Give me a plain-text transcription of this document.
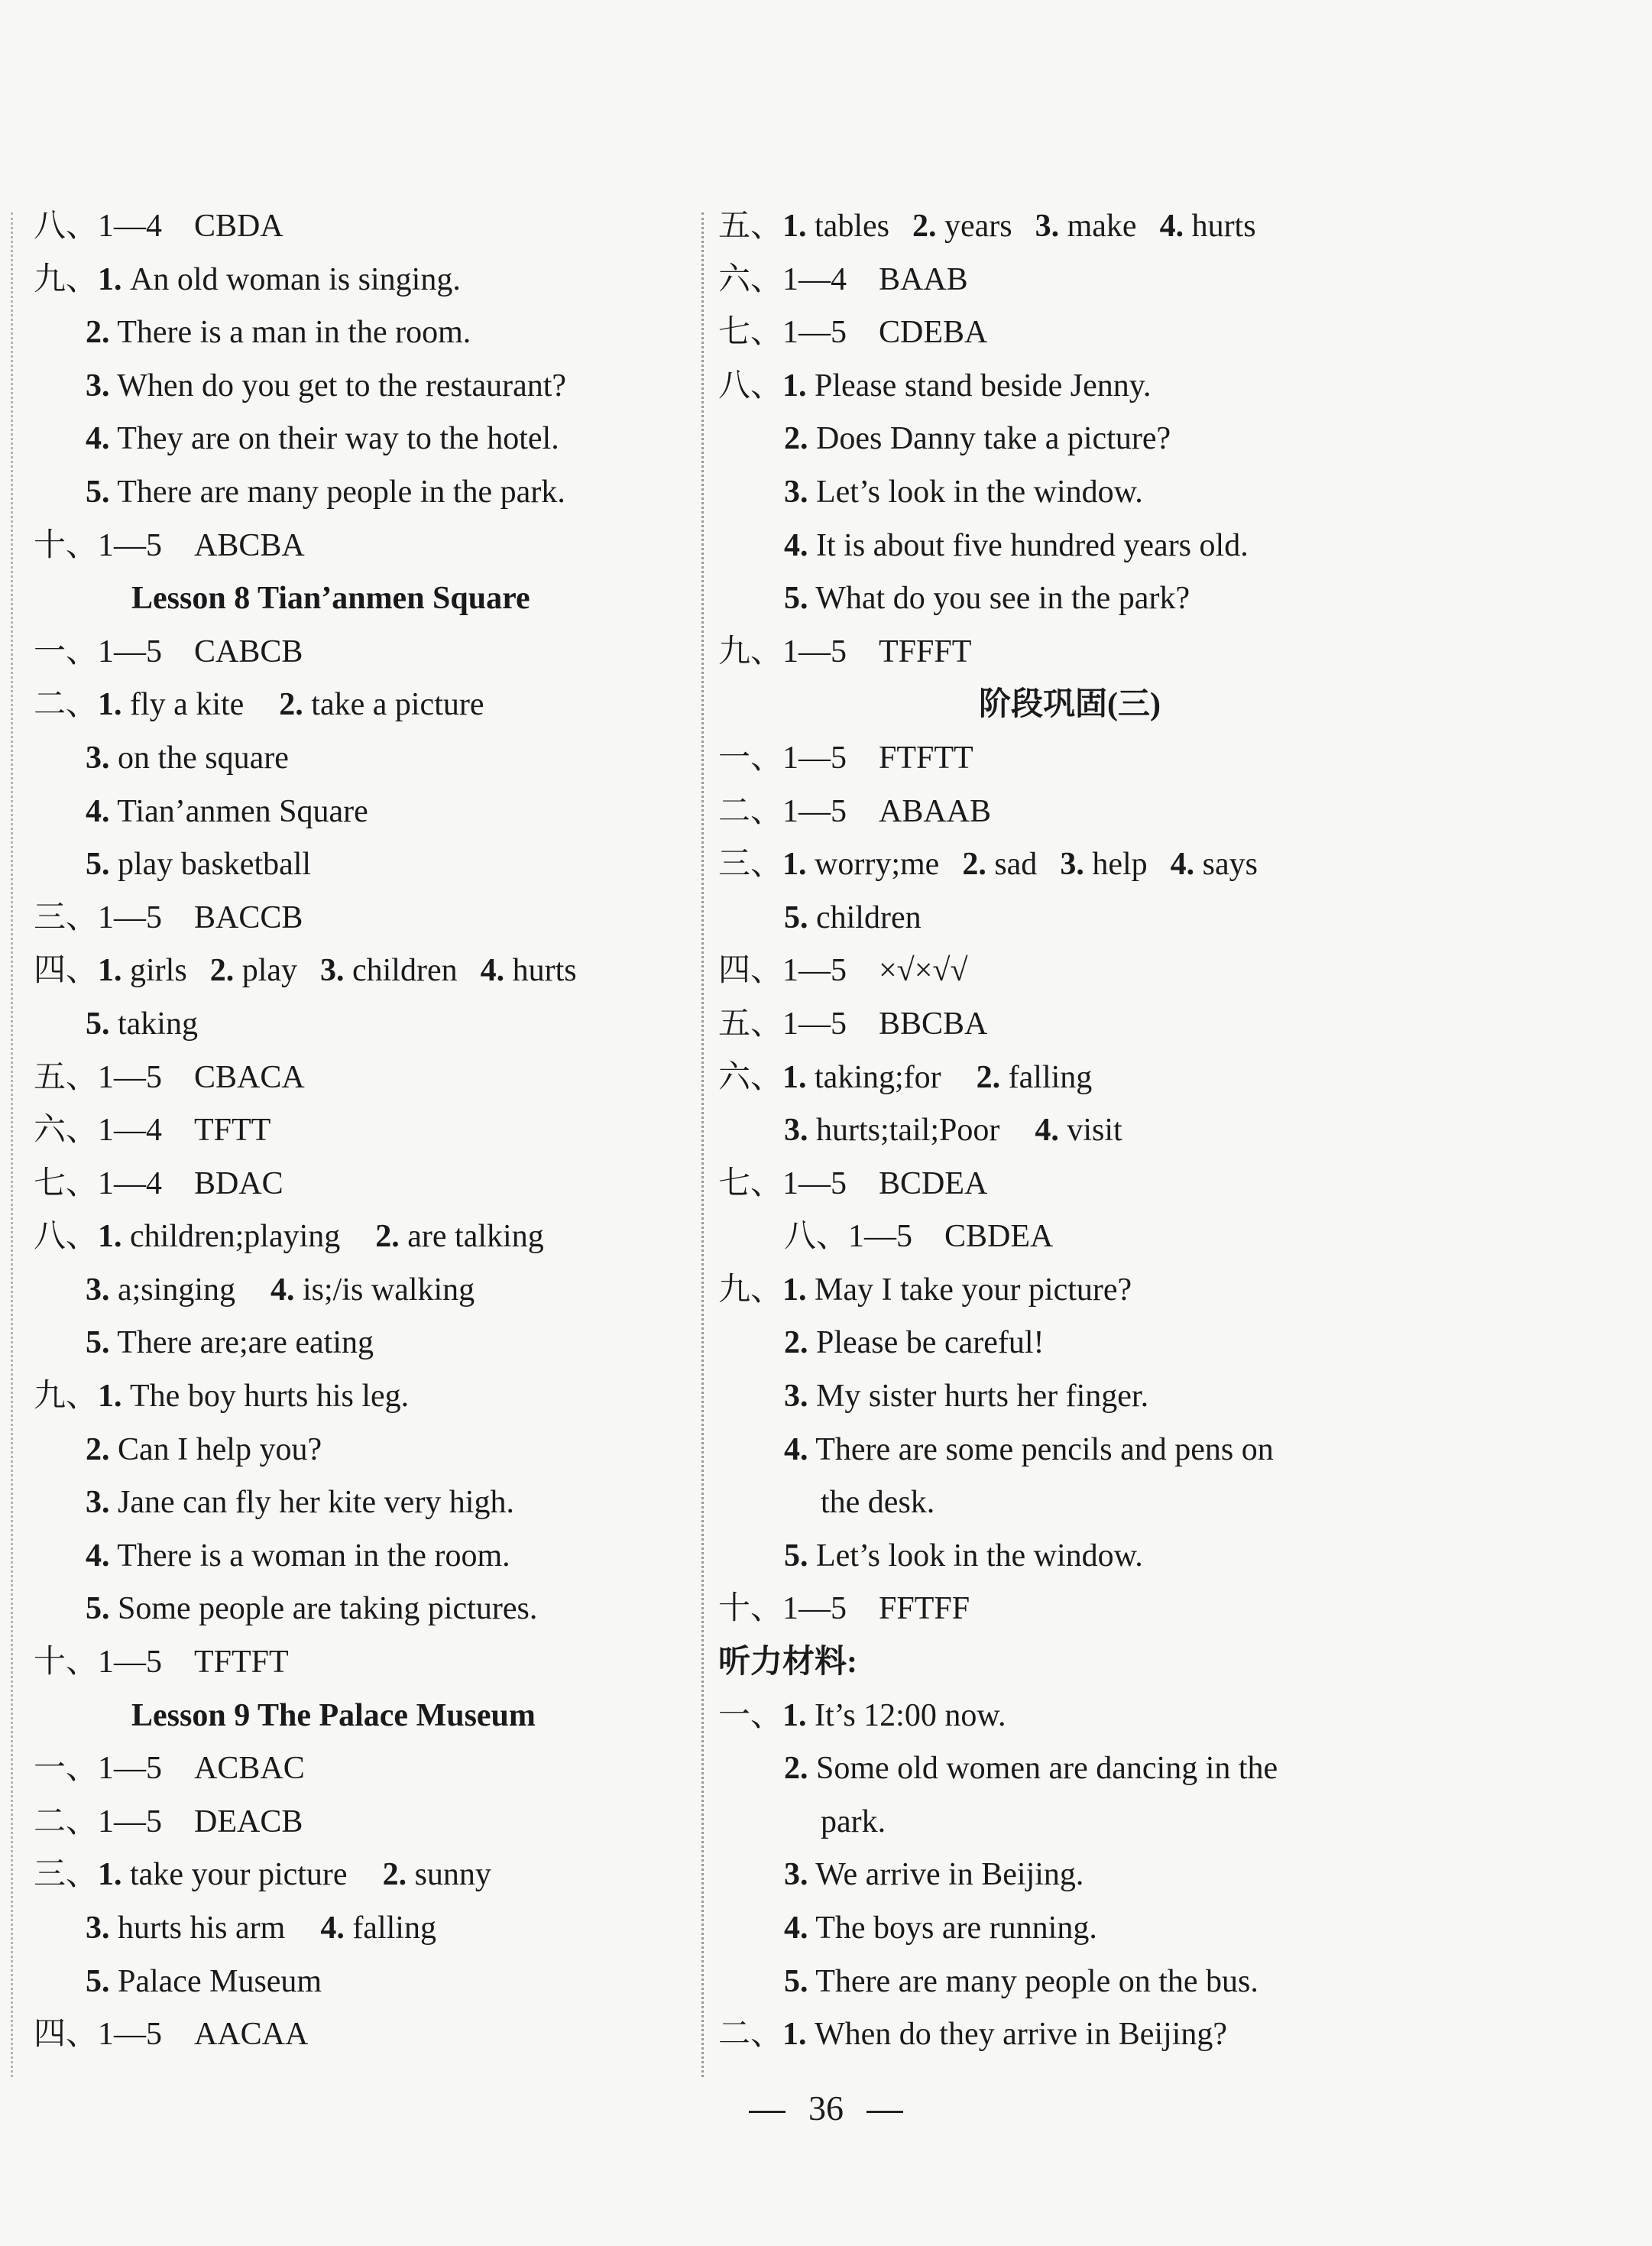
八、1—4 CBDA
九、1. An old woman is singing.
2. There is a man in the room.
3. When do you get to the restaurant?
4. They are on their way to the hotel.
5. There are many people in the park.
十、1—5 ABCBA
Lesson 8 Tian’anmen Square
一、1—5 CABCB
二、1. fly a kite 2. take a picture
3. on the square
4. Tian’anmen Square
5. play basketball
三、1—5 BACCB
四、1. girls 2. play 3. children 4. hurts
5. taking
五、1—5 CBACA
六、1—4 TFTT
七、1—4 BDAC
八、1. children;playing 2. are talking
3. a;singing 4. is;/is walking
5. There are;are eating
九、1. The boy hurts his leg.
2. Can I help you?
3. Jane can fly her kite very high.
4. There is a woman in the room.
5. Some people are taking pictures.
十、1—5 TFTFT
Lesson 9 The Palace Museum
一、1—5 ACBAC
二、1—5 DEACB
三、1. take your picture 2. sunny
3. hurts his arm 4. falling
5. Palace Museum
四、1—5 AACAA
五、1. tables 2. years 3. make 4. hurts
六、1—4 BAAB
七、1—5 CDEBA
八、1. Please stand beside Jenny.
2. Does Danny take a picture?
3. Let’s look in the window.
4. It is about five hundred years old.
5. What do you see in the park?
九、1—5 TFFFT
阶段巩固(三)
一、1—5 FTFTT
二、1—5 ABAAB
三、1. worry;me 2. sad 3. help 4. says
5. children
四、1—5 ×√×√√
五、1—5 BBCBA
六、1. taking;for 2. falling
3. hurts;tail;Poor 4. visit
七、1—5 BCDEA
八、1—5 CBDEA
九、1. May I take your picture?
2. Please be careful!
3. My sister hurts her finger.
4. There are some pencils and pens on
the desk.
5. Let’s look in the window.
十、1—5 FFTFF
听力材料:
一、1. It’s 12:00 now.
2. Some old women are dancing in the
park.
3. We arrive in Beijing.
4. The boys are running.
5. There are many people on the bus.
二、1. When do they arrive in Beijing?
36
